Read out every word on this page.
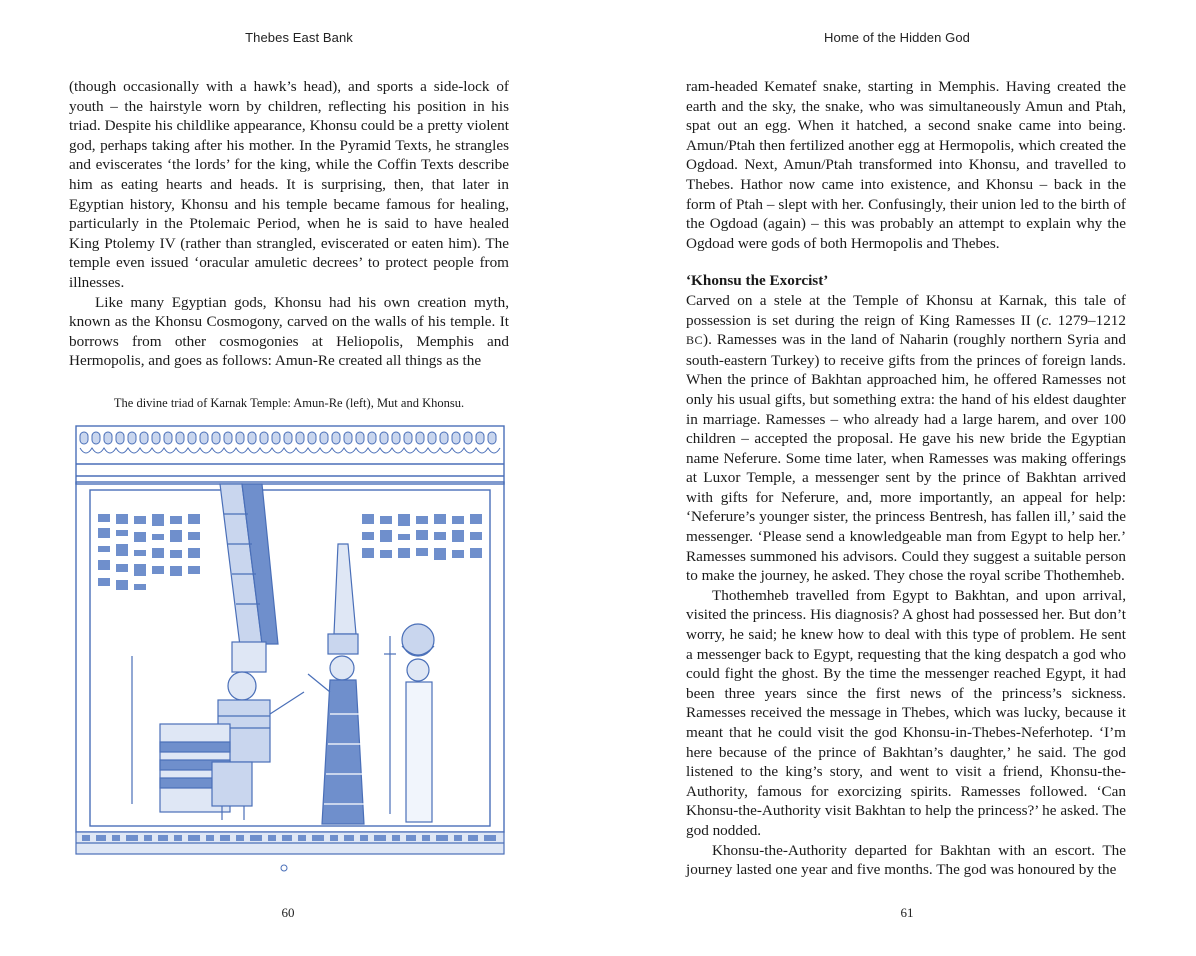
Thebes East Bank

(though occasionally with a hawk’s head), and sports a side-lock of youth – the hairstyle worn by children, reflecting his position in his triad. Despite his childlike appearance, Khonsu could be a pretty violent god, perhaps taking after his mother. In the Pyramid Texts, he strangles and eviscerates ‘the lords’ for the king, while the Coffin Texts describe him as eating hearts and heads. It is surprising, then, that later in Egyptian history, Khonsu and his temple became famous for healing, particularly in the Ptolemaic Period, when he is said to have healed King Ptolemy IV (rather than strangled, eviscerated or eaten him). The temple even issued ‘oracular amuletic decrees’ to protect people from illnesses.

Like many Egyptian gods, Khonsu had his own creation myth, known as the Khonsu Cosmogony, carved on the walls of his temple. It borrows from other cosmogonies at Heliopolis, Memphis and Hermopolis, and goes as follows: Amun-Re created all things as the

The divine triad of Karnak Temple: Amun-Re (left), Mut and Khonsu.
60
Home of the Hidden God

ram-headed Kematef snake, starting in Memphis. Having created the earth and the sky, the snake, who was simultaneously Amun and Ptah, spat out an egg. When it hatched, a second snake came into being. Amun/Ptah then fertilized another egg at Hermopolis, which created the Ogdoad. Next, Amun/Ptah transformed into Khonsu, and travelled to Thebes. Hathor now came into existence, and Khonsu – back in the form of Ptah – slept with her. Confusingly, their union led to the birth of the Ogdoad (again) – this was probably an attempt to explain why the Ogdoad were gods of both Hermopolis and Thebes.

‘Khonsu the Exorcist’

Carved on a stele at the Temple of Khonsu at Karnak, this tale of possession is set during the reign of King Ramesses II (c. 1279–1212 BC). Ramesses was in the land of Naharin (roughly northern Syria and south-eastern Turkey) to receive gifts from the princes of foreign lands. When the prince of Bakhtan approached him, he offered Ramesses not only his usual gifts, but something extra: the hand of his eldest daughter in marriage. Ramesses – who already had a large harem, and over 100 children – accepted the proposal. He gave his new bride the Egyptian name Neferure. Some time later, when Ramesses was making offerings at Luxor Temple, a messenger sent by the prince of Bakhtan arrived with gifts for Neferure, and, more importantly, an appeal for help: ‘Neferure’s younger sister, the princess Bentresh, has fallen ill,’ said the messenger. ‘Please send a knowledgeable man from Egypt to help her.’ Ramesses summoned his advisors. Could they suggest a suitable person to make the journey, he asked. They chose the royal scribe Thothemheb.

Thothemheb travelled from Egypt to Bakhtan, and upon arrival, visited the princess. His diagnosis? A ghost had possessed her. But don’t worry, he said; he knew how to deal with this type of problem. He sent a messenger back to Egypt, requesting that the king despatch a god who could fight the ghost. By the time the messenger reached Egypt, it had been three years since the first news of the princess’s sickness. Ramesses received the message in Thebes, which was lucky, because it meant that he could visit the god Khonsu-in-Thebes-Neferhotep. ‘I’m here because of the prince of Bakhtan’s daughter,’ he said. The god listened to the king’s story, and went to visit a friend, Khonsu-the-Authority, famous for exorcizing spirits. Ramesses followed. ‘Can Khonsu-the-Authority visit Bakhtan to help the princess?’ he asked. The god nodded.

Khonsu-the-Authority departed for Bakhtan with an escort. The journey lasted one year and five months. The god was honoured by the

61
